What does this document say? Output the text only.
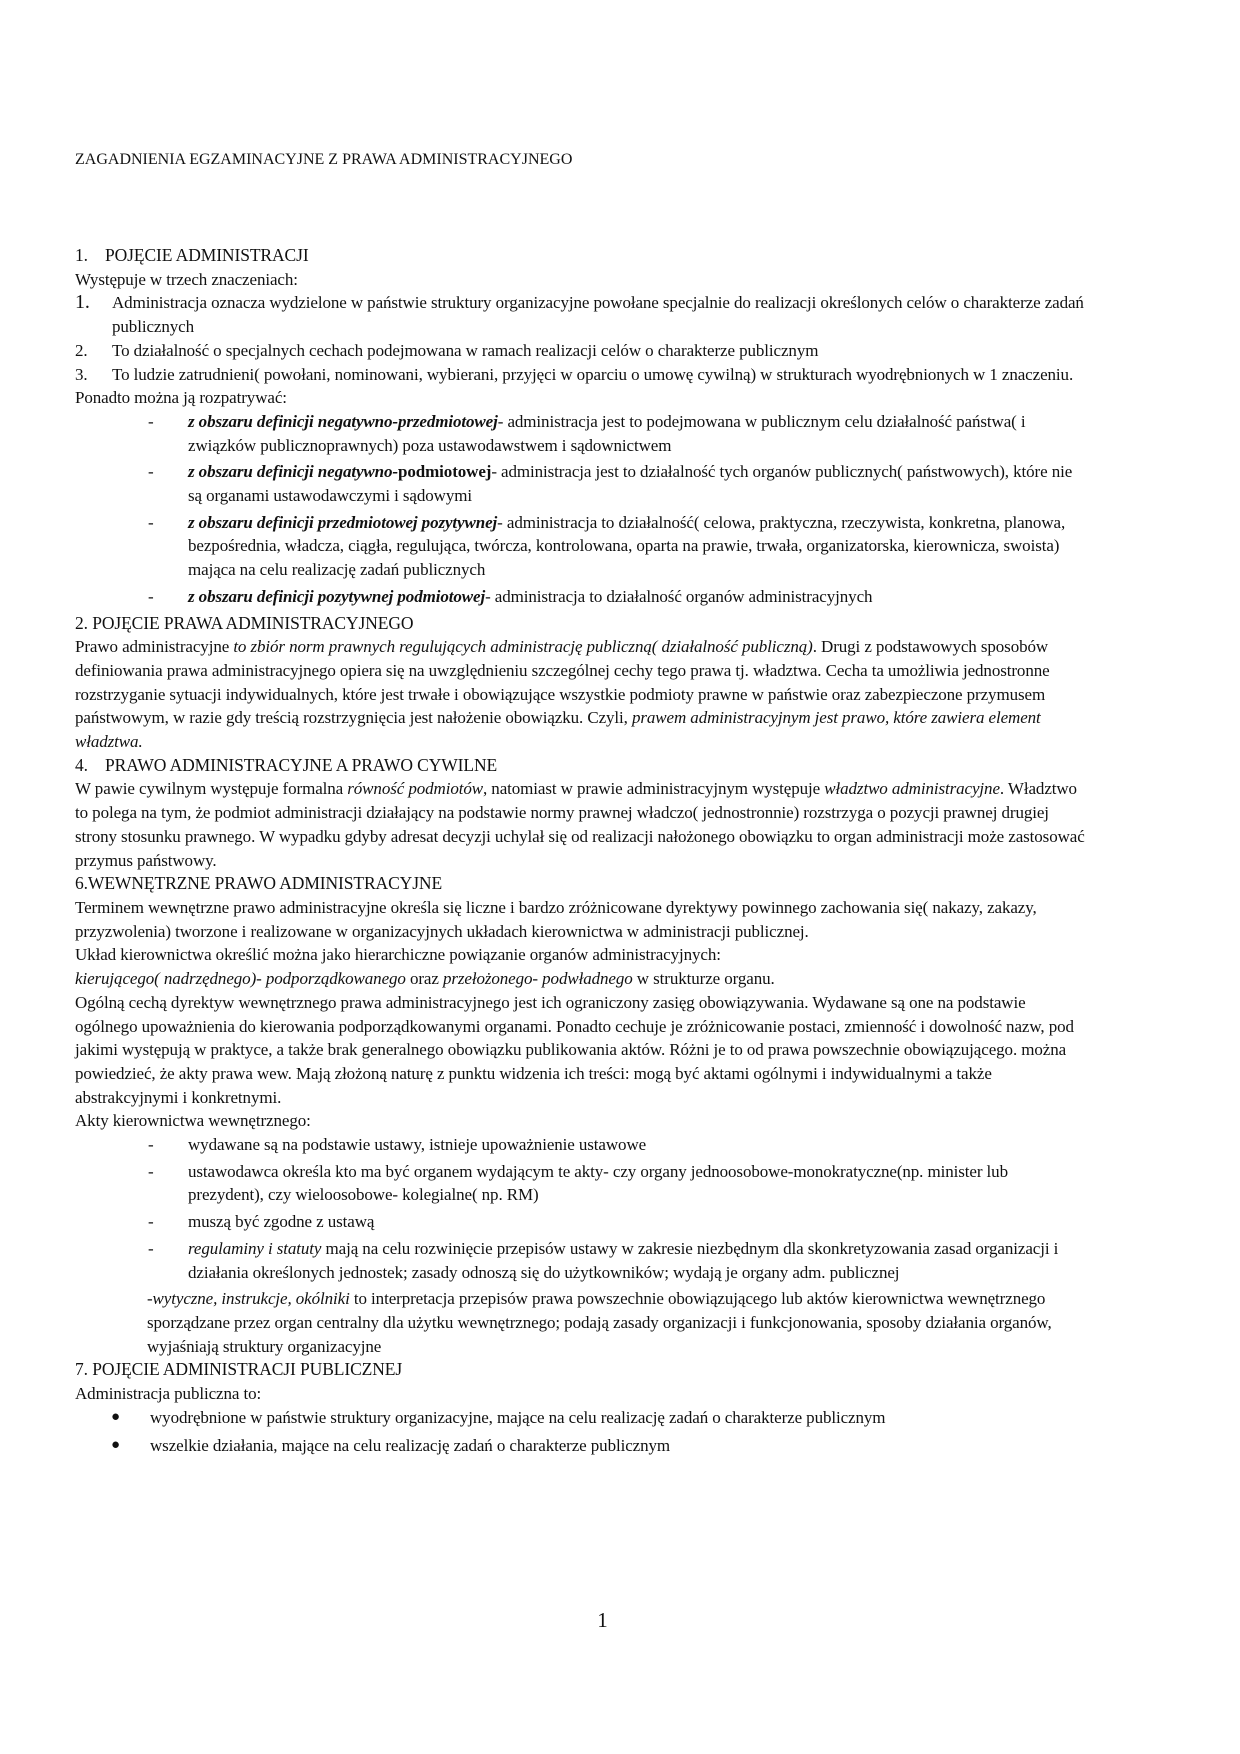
ZAGADNIENIA EGZAMINACYJNE Z PRAWA ADMINISTRACYJNEGO

1. POJĘCIE ADMINISTRACJI

Występuje w trzech znaczeniach:

1. Administracja oznacza wydzielone w państwie struktury organizacyjne powołane specjalnie do realizacji określonych celów o charakterze zadań publicznych
2. To działalność o specjalnych cechach podejmowana w ramach realizacji celów o charakterze publicznym
3. To ludzie zatrudnieni( powołani, nominowani, wybierani, przyjęci w oparciu o umowę cywilną) w strukturach wyodrębnionych w 1 znaczeniu.

Ponadto można ją rozpatrywać:

- z obszaru definicji negatywno-przedmiotowej- administracja jest to podejmowana w publicznym celu działalność państwa( i związków publicznoprawnych) poza ustawodawstwem i sądownictwem
- z obszaru definicji negatywno-podmiotowej- administracja jest to działalność tych organów publicznych( państwowych), które nie są organami ustawodawczymi i sądowymi
- z obszaru definicji przedmiotowej pozytywnej- administracja to działalność( celowa, praktyczna, rzeczywista, konkretna, planowa, bezpośrednia, władcza, ciągła, regulująca, twórcza, kontrolowana, oparta na prawie, trwała, organizatorska, kierownicza, swoista) mająca na celu realizację zadań publicznych
- z obszaru definicji pozytywnej podmiotowej- administracja to działalność organów administracyjnych

2. POJĘCIE PRAWA ADMINISTRACYJNEGO

Prawo administracyjne to zbiór norm prawnych regulujących administrację publiczną( działalność publiczną). Drugi z podstawowych sposobów definiowania prawa administracyjnego opiera się na uwzględnieniu szczególnej cechy tego prawa tj. władztwa. Cecha ta umożliwia jednostronne rozstrzyganie sytuacji indywidualnych, które jest trwałe i obowiązujące wszystkie podmioty prawne w państwie oraz zabezpieczone przymusem państwowym, w razie gdy treścią rozstrzygnięcia jest nałożenie obowiązku. Czyli, prawem administracyjnym jest prawo, które zawiera element władztwa.

4. PRAWO ADMINISTRACYJNE A PRAWO CYWILNE

W pawie cywilnym występuje formalna równość podmiotów, natomiast w prawie administracyjnym występuje władztwo administracyjne. Władztwo to polega na tym, że podmiot administracji działający na podstawie normy prawnej władczo( jednostronnie) rozstrzyga o pozycji prawnej drugiej strony stosunku prawnego. W wypadku gdyby adresat decyzji uchylał się od realizacji nałożonego obowiązku to organ administracji może zastosować przymus państwowy.

6.WEWNĘTRZNE PRAWO ADMINISTRACYJNE

Terminem wewnętrzne prawo administracyjne określa się liczne i bardzo zróżnicowane dyrektywy powinnego zachowania się( nakazy, zakazy, przyzwolenia) tworzone i realizowane w organizacyjnych układach kierownictwa w administracji publicznej.

Układ kierownictwa określić można jako hierarchiczne powiązanie organów administracyjnych:

kierującego( nadrzędnego)- podporządkowanego oraz przełożonego- podwładnego w strukturze organu.

Ogólną cechą dyrektyw wewnętrznego prawa administracyjnego jest ich ograniczony zasięg obowiązywania. Wydawane są one na podstawie ogólnego upoważnienia do kierowania podporządkowanymi organami. Ponadto cechuje je zróżnicowanie postaci, zmienność i dowolność nazw, pod jakimi występują w praktyce, a także brak generalnego obowiązku publikowania aktów. Różni je to od prawa powszechnie obowiązującego. można powiedzieć, że akty prawa wew. Mają złożoną naturę z punktu widzenia ich treści: mogą być aktami ogólnymi i indywidualnymi a także abstrakcyjnymi i konkretnymi.

Akty kierownictwa wewnętrznego:

- wydawane są na podstawie ustawy, istnieje upoważnienie ustawowe
- ustawodawca określa kto ma być organem wydającym te akty- czy organy jednoosobowe-monokratyczne(np. minister lub prezydent), czy wieloosobowe- kolegialne( np. RM)
- muszą być zgodne z ustawą
- regulaminy i statuty mają na celu rozwinięcie przepisów ustawy w zakresie niezbędnym dla skonkretyzowania zasad organizacji i działania określonych jednostek; zasady odnoszą się do użytkowników; wydają je organy adm. publicznej

-wytyczne, instrukcje, okólniki to interpretacja przepisów prawa powszechnie obowiązującego lub aktów kierownictwa wewnętrznego sporządzane przez organ centralny dla użytku wewnętrznego; podają zasady organizacji i funkcjonowania, sposoby działania organów, wyjaśniają struktury organizacyjne

7. POJĘCIE ADMINISTRACJI PUBLICZNEJ

Administracja publiczna to:

● wyodrębnione w państwie struktury organizacyjne, mające na celu realizację zadań o charakterze publicznym
● wszelkie działania, mające na celu realizację zadań o charakterze publicznym
1
